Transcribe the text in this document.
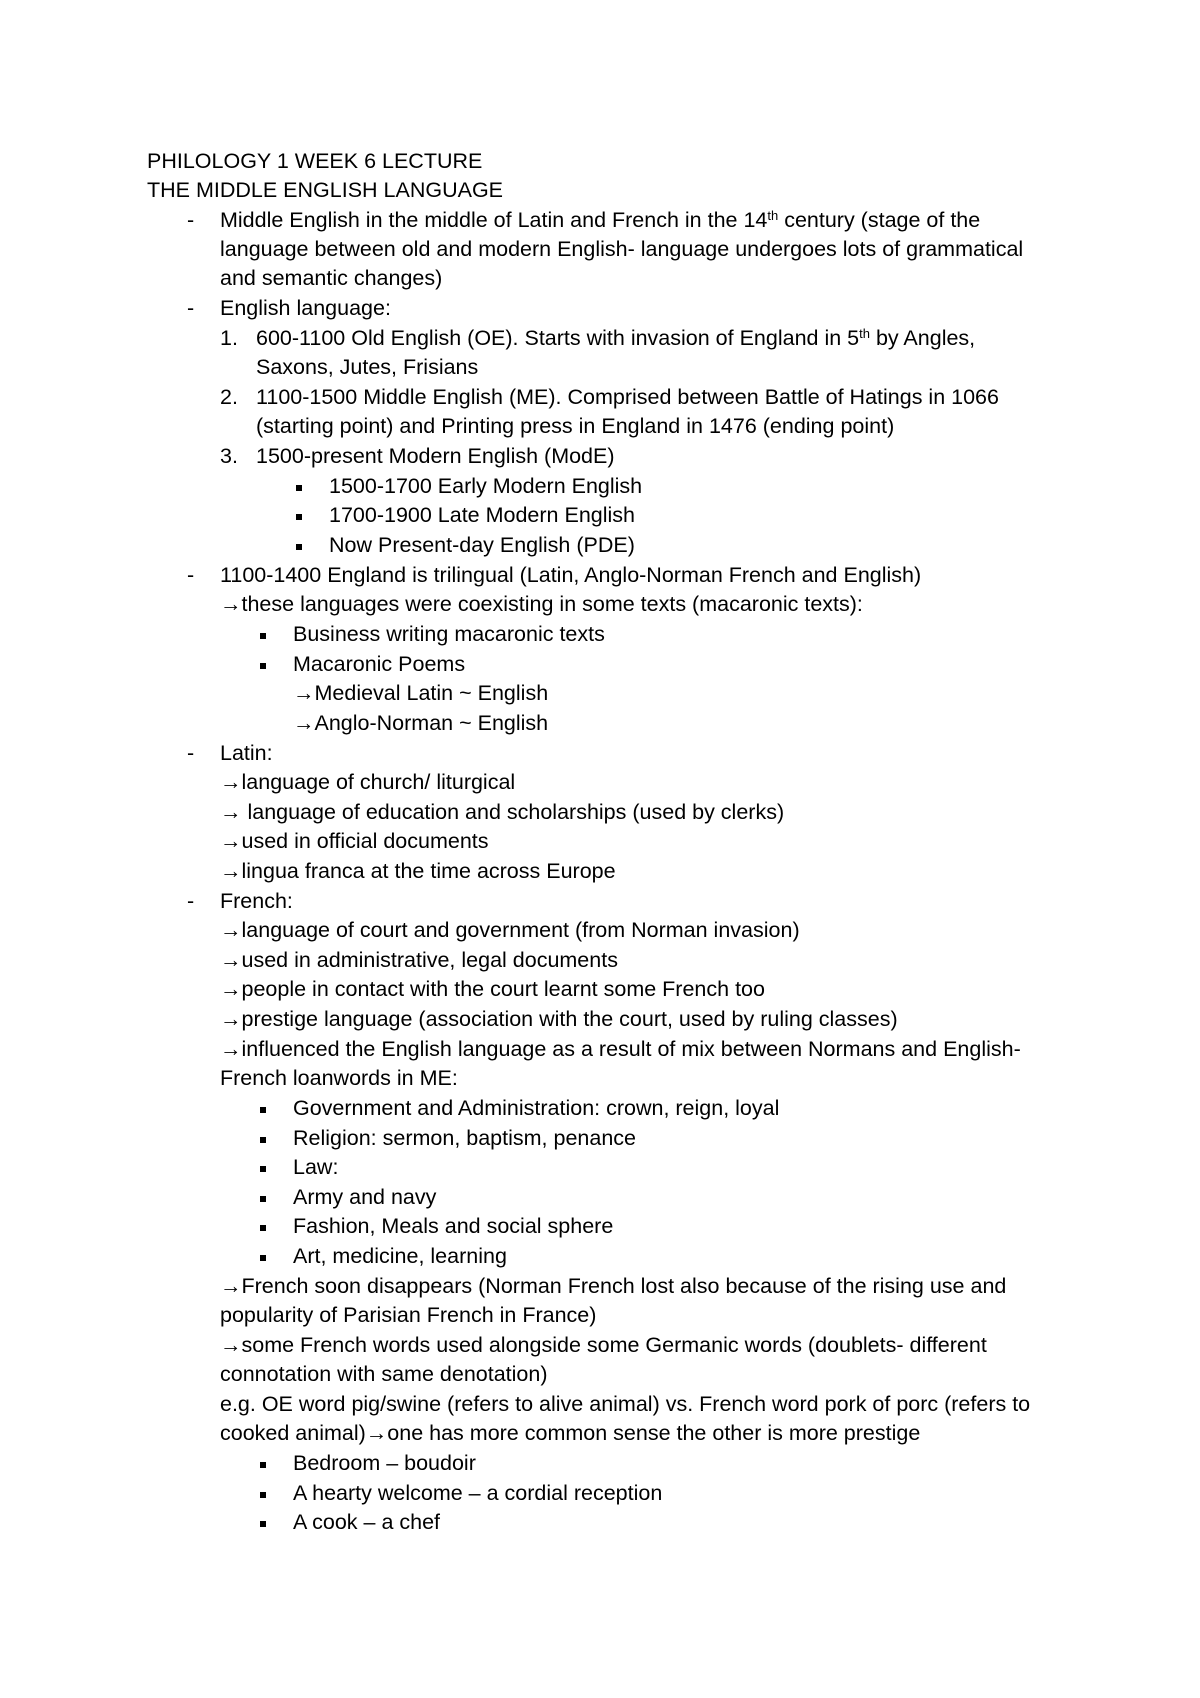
PHILOLOGY 1 WEEK 6 LECTURE
THE MIDDLE ENGLISH LANGUAGE
- Middle English in the middle of Latin and French in the 14th century (stage of the
language between old and modern English- language undergoes lots of grammatical
and semantic changes)
- English language:
1. 600-1100 Old English (OE). Starts with invasion of England in 5th by Angles,
Saxons, Jutes, Frisians
2. 1100-1500 Middle English (ME). Comprised between Battle of Hatings in 1066
(starting point) and Printing press in England in 1476 (ending point)
3. 1500-present Modern English (ModE)
1500-1700 Early Modern English
1700-1900 Late Modern English
Now Present-day English (PDE)
- 1100-1400 England is trilingual (Latin, Anglo-Norman French and English)
→these languages were coexisting in some texts (macaronic texts):
Business writing macaronic texts
Macaronic Poems
→Medieval Latin ~ English
→Anglo-Norman ~ English
- Latin:
→language of church/ liturgical
→ language of education and scholarships (used by clerks)
→used in official documents
→lingua franca at the time across Europe
- French:
→language of court and government (from Norman invasion)
→used in administrative, legal documents
→people in contact with the court learnt some French too
→prestige language (association with the court, used by ruling classes)
→influenced the English language as a result of mix between Normans and English-
French loanwords in ME:
Government and Administration: crown, reign, loyal
Religion: sermon, baptism, penance
Law:
Army and navy
Fashion, Meals and social sphere
Art, medicine, learning
→French soon disappears (Norman French lost also because of the rising use and
popularity of Parisian French in France)
→some French words used alongside some Germanic words (doublets- different
connotation with same denotation)
e.g. OE word pig/swine (refers to alive animal) vs. French word pork of porc (refers to
cooked animal)→one has more common sense the other is more prestige
Bedroom – boudoir
A hearty welcome – a cordial reception
A cook – a chef
